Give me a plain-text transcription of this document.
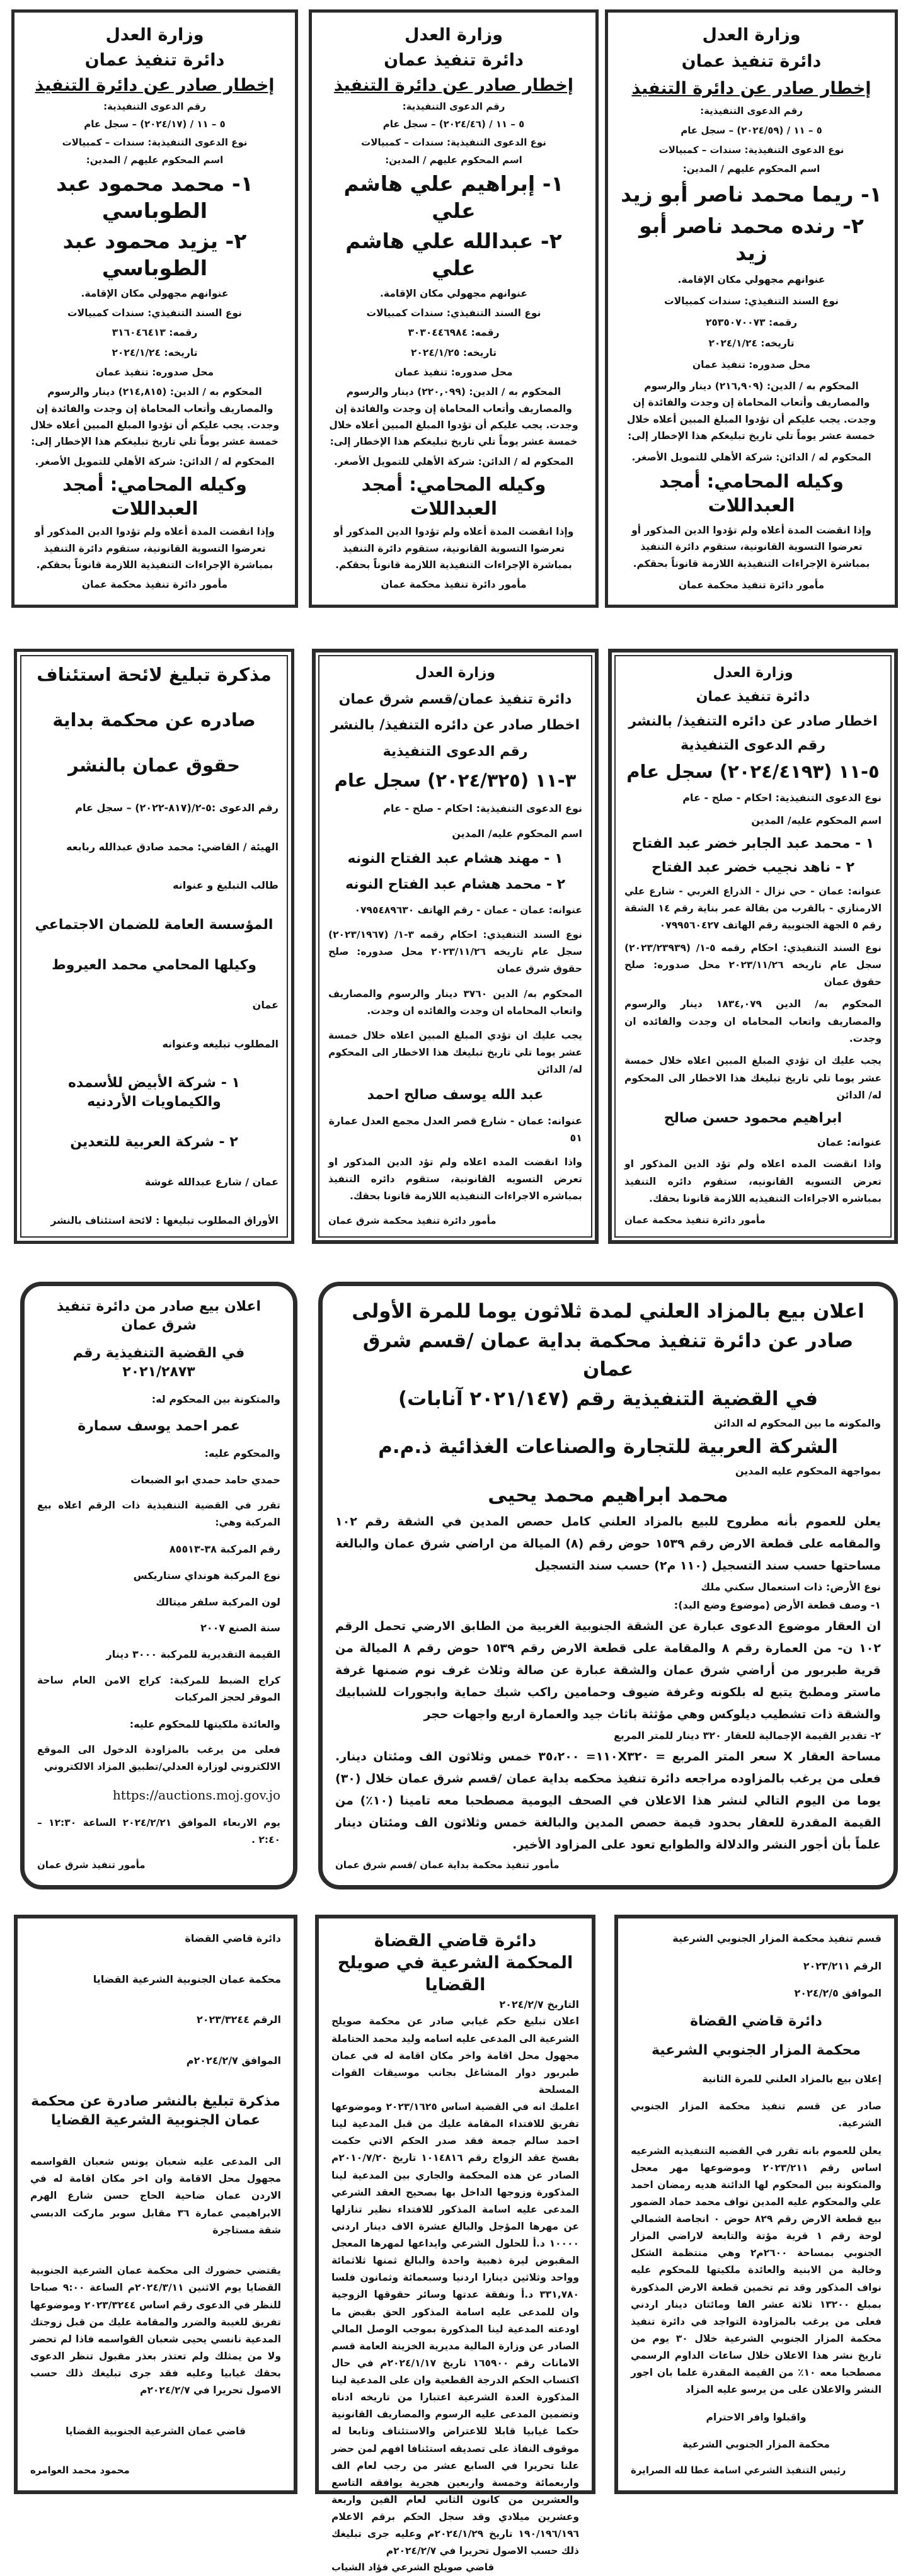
وزارة العدل
دائرة تنفيذ عمان
إخطار صادر عن دائرة التنفيذ
رقم الدعوى التنفيذية:
٥ – ١١ / (٢٠٢٤/٥٩) – سجل عام
نوع الدعوى التنفيذية: سندات – كمبيالات
اسم المحكوم عليهم / المدين:
١- ريما محمد ناصر أبو زيد
٢- رنده محمد ناصر أبو زيد
عنوانهم مجهولي مكان الإقامة.
نوع السند التنفيذي: سندات كمبيالات
رقمه: ٢٥٣٥٠٧٠٠٧٣
تاريخه: ٢٠٢٤/١/٢٤
محل صدوره: تنفيذ عمان
المحكوم به / الدين: (٢١٦,٩٠٩) دينار والرسوم والمصاريف وأتعاب المحاماة إن وجدت والفائدة إن وجدت. يجب عليكم أن تؤدوا المبلغ المبين أعلاه خلال خمسة عشر يوماً تلي تاريخ تبليغكم هذا الإخطار إلى:
المحكوم له / الدائن: شركة الأهلي للتمويل الأصغر.
وكيله المحامي: أمجد العبداللات
وإذا انقضت المدة أعلاه ولم تؤدوا الدين المذكور أو تعرضوا التسوية القانونية، ستقوم دائرة التنفيذ بمباشرة الإجراءات التنفيذية اللازمة قانوناً بحقكم.
مأمور دائرة تنفيذ محكمة عمان
وزارة العدل
دائرة تنفيذ عمان
إخطار صادر عن دائرة التنفيذ
رقم الدعوى التنفيذية:
٥ – ١١ / (٢٠٢٤/٤٦) – سجل عام
نوع الدعوى التنفيذية: سندات – كمبيالات
اسم المحكوم عليهم / المدين:
١- إبراهيم علي هاشم علي
٢- عبدالله علي هاشم علي
عنوانهم مجهولي مكان الإقامة.
نوع السند التنفيذي: سندات كمبيالات
رقمه: ٣٠٣٠٤٤٦٩٨٤
تاريخه: ٢٠٢٤/١/٢٥
محل صدوره: تنفيذ عمان
المحكوم به / الدين: (٢٢٠,٠٩٩) دينار والرسوم والمصاريف وأتعاب المحاماة إن وجدت والفائدة إن وجدت. يجب عليكم أن تؤدوا المبلغ المبين أعلاه خلال خمسة عشر يوماً تلي تاريخ تبليغكم هذا الإخطار إلى:
المحكوم له / الدائن: شركة الأهلي للتمويل الأصغر.
وكيله المحامي: أمجد العبداللات
وإذا انقضت المدة أعلاه ولم تؤدوا الدين المذكور أو تعرضوا التسوية القانونية، ستقوم دائرة التنفيذ بمباشرة الإجراءات التنفيذية اللازمة قانوناً بحقكم.
مأمور دائرة تنفيذ محكمة عمان
وزارة العدل
دائرة تنفيذ عمان
إخطار صادر عن دائرة التنفيذ
رقم الدعوى التنفيذية:
٥ – ١١ / (٢٠٢٤/١٧) – سجل عام
نوع الدعوى التنفيذية: سندات – كمبيالات
اسم المحكوم عليهم / المدين:
١- محمد محمود عبد الطوباسي
٢- يزيد محمود عبد الطوباسي
عنوانهم مجهولي مكان الإقامة.
نوع السند التنفيذي: سندات كمبيالات
رقمه: ٣١٦٠٤٦٤١٣
تاريخه: ٢٠٢٤/١/٢٤
محل صدوره: تنفيذ عمان
المحكوم به / الدين: (٢١٤,٨١٥) دينار والرسوم والمصاريف وأتعاب المحاماة إن وجدت والفائدة إن وجدت. يجب عليكم أن تؤدوا المبلغ المبين أعلاه خلال خمسة عشر يوماً تلي تاريخ تبليغكم هذا الإخطار إلى:
المحكوم له / الدائن: شركة الأهلي للتمويل الأصغر.
وكيله المحامي: أمجد العبداللات
وإذا انقضت المدة أعلاه ولم تؤدوا الدين المذكور أو تعرضوا التسوية القانونية، ستقوم دائرة التنفيذ بمباشرة الإجراءات التنفيذية اللازمة قانوناً بحقكم.
مأمور دائرة تنفيذ محكمة عمان
وزارة العدل
دائرة تنفيذ عمان
اخطار صادر عن دائره التنفيذ/ بالنشر
رقم الدعوى التنفيذية
٥-١١ (٢٠٢٤/٤١٩٣) سجل عام
نوع الدعوى التنفيذية: احكام - صلح - عام
اسم المحكوم عليه/ المدين
١ - محمد عبد الجابر خضر عبد الفتاح
٢ - ناهد نجيب خضر عبد الفتاح
عنوانه: عمان - حي نزال - الذراع الغربي - شارع علي الارمنازي - بالقرب من بقالة عمر بناية رقم ١٤ الشقة رقم ٥ الجهة الجنوبية رقم الهاتف ٠٧٩٩٥٦٠٤٢٧
نوع السند التنفيذي: احكام رقمه ٥-١/ (٢٠٢٣/٢٣٩٣٩) سجل عام تاريخه ٢٠٢٣/١١/٢٦ محل صدوره: صلح حقوق عمان
المحكوم به/ الدين ١٨٣٤,٠٧٩ دينار والرسوم والمصاريف واتعاب المحاماه ان وجدت والفائده ان وجدت.
يجب عليك ان تؤدي المبلغ المبين اعلاه خلال خمسة عشر يوما تلي تاريخ تبليغك هذا الاخطار الى المحكوم له/ الدائن
ابراهيم محمود حسن صالح
عنوانه: عمان
واذا انقضت المده اعلاه ولم تؤد الدين المذكور او تعرض التسويه القانونيه، ستقوم دائره التنفيذ بمباشره الاجراءات التنفيذيه اللازمة قانونا بحقك.
مأمور دائرة تنفيذ محكمة عمان
وزارة العدل
دائرة تنفيذ عمان/قسم شرق عمان
اخطار صادر عن دائره التنفيذ/ بالنشر
رقم الدعوى التنفيذية
٣-١١ (٢٠٢٤/٣٢٥) سجل عام
نوع الدعوى التنفيذية: احكام - صلح - عام
اسم المحكوم عليه/ المدين
١ - مهند هشام عبد الفتاح النونه
٢ - محمد هشام عبد الفتاح النونه
عنوانه: عمان - عمان - رقم الهاتف ٠٧٩٥٤٨٩٦٣٠
نوع السند التنفيذي: احكام رقمه ٣-١/ (٢٠٢٣/١٩٦٧) سجل عام تاريخه ٢٠٢٣/١١/٢٦ محل صدوره: صلح حقوق شرق عمان
المحكوم به/ الدين ٣٧٦٠ دينار والرسوم والمصاريف واتعاب المحاماه ان وجدت والفائده ان وجدت.
يجب عليك ان تؤدي المبلغ المبين اعلاه خلال خمسة عشر يوما تلي تاريخ تبليغك هذا الاخطار الى المحكوم له/ الدائن
عبد الله يوسف صالح احمد
عنوانه: عمان - شارع قصر العدل مجمع العدل عمارة ٥١
واذا انقضت المده اعلاه ولم تؤد الدين المذكور او تعرض التسويه القانونية، ستقوم دائره التنفيذ بمباشره الاجراءات التنفيذيه اللازمة قانونا بحقك.
مأمور دائرة تنفيذ محكمة شرق عمان
مذكرة تبليغ لائحة استئناف
صادره عن محكمة بداية
حقوق عمان بالنشر
رقم الدعوى :٥-٢/(٨١٧-٢٠٢٢) – سجل عام
الهيئة / القاضي: محمد صادق عبدالله ربابعه
طالب التبليغ و عنوانه
المؤسسة العامة للضمان الاجتماعي
وكيلها المحامي محمد العيروط
عمان
المطلوب تبليغه وعنوانه
١ - شركة الأبيض للأسمده والكيماويات الأردنيه
٢ - شركة العربية للتعدين
عمان / شارع عبدالله غوشة
الأوراق المطلوب تبليغها : لائحة استئناف بالنشر
اعلان بيع بالمزاد العلني لمدة ثلاثون يوما للمرة الأولى
صادر عن دائرة تنفيذ محكمة بداية عمان /قسم شرق عمان
في القضية التنفيذية رقم (٢٠٢١/١٤٧ آنابات)
والمكونه ما بين المحكوم له الدائن
الشركة العربية للتجارة والصناعات الغذائية ذ.م.م
بمواجهة المحكوم عليه المدين
محمد ابراهيم محمد يحيى
يعلن للعموم بأنه مطروح للبيع بالمزاد العلني كامل حصص المدين في الشقة رقم ١٠٢ والمقامه على قطعة الارض رقم ١٥٣٩ حوض رقم (٨) الميالة من اراضي شرق عمان والبالغة مساحتها حسب سند التسجيل (١١٠ م٢) حسب سند التسجيل
نوع الأرض: ذات استعمال سكني ملك
١- وصف قطعة الأرض (موضوع وضع اليد):
ان العقار موضوع الدعوى عبارة عن الشقة الجنوبية الغربية من الطابق الارضي تحمل الرقم ١٠٢ ن- من العمارة رقم ٨ والمقامة على قطعة الارض رقم ١٥٣٩ حوض رقم ٨ الميالة من قرية طبربور من أراضي شرق عمان والشقة عبارة عن صالة وثلاث غرف نوم ضمنها غرفة ماستر ومطبخ يتبع له بلكونه وغرفة ضيوف وحمامين راكب شبك حماية وابجورات للشبابيك والشقة ذات تشطيب ديلوكس وهي مؤثثة باثاث جيد والعمارة اربع واجهات حجر
٢- تقدير القيمة الإجمالية للعقار ٣٢٠ دينار للمتر المربع
مساحة العقار X سعر المتر المربع = ١١٠X٣٢٠= ٣٥،٢٠٠ خمس وثلاثون الف ومئتان دينار. فعلى من يرغب بالمزاوده مراجعه دائرة تنفيذ محكمه بداية عمان /قسم شرق عمان خلال (٣٠) يوما من اليوم التالي لنشر هذا الاعلان في الصحف اليومية مصطحبا معه تامينا (١٠٪) من القيمة المقدرة للعقار بحدود قيمة حصص المدين والبالغة خمس وثلاثون الف ومئتان دينار علماً بأن أجور النشر والدلالة والطوابع تعود على المزاود الأخير.
مأمور تنفيذ محكمة بداية عمان /قسم شرق عمان
اعلان بيع صادر من دائرة تنفيذ شرق عمان
في القضية التنفيذية رقم ٢٠٢١/٢٨٧٣
والمتكونة بين المحكوم له:
عمر احمد يوسف سمارة
والمحكوم عليه:
حمدي حامد حمدي ابو الضبعات
تقرر في القضية التنفيذية ذات الرقم اعلاه بيع المركبة وهي:
رقم المركبة ٣٨-٨٥٥١٣
نوع المركبة هونداي ستاريكس
لون المركبة سلفر ميتالك
سنة الصنع ٢٠٠٧
القيمة التقديرية للمركبة ٣٠٠٠ دينار
كراج الضبط للمركبة: كراج الامن العام ساحة الموقر لحجز المركبات
والعائدة ملكيتها للمحكوم عليه:
فعلى من يرغب بالمزاودة الدخول الى الموقع الالكتروني لوزارة العدلي/تطبيق المزاد الالكتروني
https://auctions.moj.gov.jo
يوم الاربعاء الموافق ٢٠٢٤/٢/٢١ الساعة ١٢:٣٠ – ٢:٤٠ .
مأمور تنفيذ شرق عمان
قسم تنفيذ محكمة المزار الجنوبي الشرعية
الرقم ٢٠٢٣/٢١١
الموافق ٢٠٢٤/٢/٥
دائرة قاضي القضاة
محكمة المزار الجنوبي الشرعية
إعلان بيع بالمزاد العلني للمرة الثانية
صادر عن قسم تنفيذ محكمة المزار الجنوبي الشرعية.
يعلن للعموم بانه تقرر في القضيه التنفيذيه الشرعيه اساس رقم ٢٠٢٣/٢١١ وموضوعها مهر معجل والمتكونة بين المحكوم لها الدائنة هديه رمضان احمد علي والمحكوم عليه المدين نواف محمد حماد الضمور بيع قطعة الارض رقم ٨٢٩ حوض ٠ انجاصة الشمالي لوحة رقم ١ قرية مؤتة والتابعة لاراضي المزار الجنوبي بمساحة ٢٦٠٠م٢ وهي منتظمة الشكل وخالية من الابنية والعائدة ملكيتها للمحكوم عليه نواف المذكور وقد تم تخمين قطعة الارض المذكورة بمبلغ ١٣٢٠٠ ثلاثة عشر الفا ومائتان دينار اردني فعلى من يرغب بالمزاودة التواجد في دائرة تنفيذ محكمة المزار الجنوبي الشرعية خلال ٣٠ يوم من تاريخ نشر هذا الاعلان خلال ساعات الداوم الرسمي مصطحبا معه ١٠٪ من القيمة المقدرة علما بان اجور النشر والاعلان على من يرسو عليه المزاد
واقبلوا وافر الاحترام
محكمة المزار الجنوبي الشرعية
رئيس التنفيذ الشرعي اسامة عطا لله الصرايرة
دائرة قاضي القضاة
المحكمة الشرعية في صويلح القضايا
التاريخ ٢٠٢٤/٢/٧
اعلان تبليغ حكم غيابي صادر عن محكمة صويلح الشرعية الى المدعى عليه اسامه وليد محمد الحتاملة مجهول محل اقامة واخر مكان اقامة له في عمان طبربور دوار المشاغل بجانب موسيقات القوات المسلحة
اعلمك انه في القضية اساس ٢٠٢٣/١٦٢٥ وموضوعها تفريق للافتداء المقامة عليك من قبل المدعية لينا احمد سالم جمعة فقد صدر الحكم الاتي حكمت بفسخ عقد الزواج رقم ١٠١٤٨١٦ تاريخ ٢٠١٠/٧/٢٠م الصادر عن هذه المحكمة والجاري بين المدعية لينا المذكورة وزوجها الداخل بها بصحيح العقد الشرعي المدعى عليه اسامة المذكور للافتداء نظير تنازلها عن مهرها المؤجل والبالغ عشرة الاف دينار اردني ١٠٠٠٠ د.أ للحلول الشرعي وايداعها لمهرها المعجل المقبوض ليرة ذهبية واحدة والبالغ ثمنها ثلاثمائة وواحد وثلاثين دينارا اردنيا وسبعمائة وثمانون فلسا ٣٣١,٧٨٠ د.أ ونفقة عدتها وسائر حقوقها الزوجية وان للمدعى عليه اسامة المذكور الحق بقبض ما اودعته المدعية لينا المذكورة بموجب الوصل المالي الصادر عن وزارة المالية مديرية الخزينة العامة قسم الامانات رقم ١٦٥٩٠٠ تاريخ ٢٠٢٤/١/١٧م في حال اكتساب الحكم الدرجة القطعية وان على المدعية لينا المذكورة العدة الشرعية اعتبارا من تاريخه ادناه وتضمين المدعى عليه الرسوم والمصاريف القانونية حكما غيابيا قابلا للاعتراض والاستئناف وتابعا له موقوف النفاذ على تصديقه استئنافا افهم لمن حضر علنا تحريرا في السابع عشر من رجب لعام الف واربعمائة وخمسة واربعين هجرية يوافقه التاسع والعشرين من كانون الثاني لعام الفين واربعة وعشرين ميلادي وقد سجل الحكم برقم الاعلام ١٩٠/١٩٦/١٩٦ تاريخ ٢٠٢٤/١/٢٩م وعليه جرى تبليغك ذلك حسب الاصول تحريرا في ٢٠٢٤/٢/٧م
قاضي صويلح الشرعي فؤاد الشياب
دائرة قاضي القضاة
محكمة عمان الجنوبية الشرعية القضايا
الرقم ٢٠٢٣/٣٢٤٤
الموافق ٢٠٢٤/٢/٧م
مذكرة تبليغ بالنشر صادرة عن محكمة عمان الجنوبية الشرعية القضايا
الى المدعى عليه شعبان يونس شعبان القواسمه مجهول محل الاقامة وان اخر مكان اقامة له في الاردن عمان ضاحية الحاج حسن شارع الهرم الابراهيمي عمارة ٣٦ مقابل سوبر ماركت الدبسي شقة مستاجرة
يقتضي حضورك الى محكمة عمان الشرعية الجنوبية القضايا يوم الاثنين ٢٠٢٤/٣/١١م الساعة ٩:٠٠ صباحا للنظر في الدعوى رقم اساس ٢٠٢٣/٣٢٤٤ وموضوعها تفريق للغيبة والضرر والمقامة عليك من قبل زوجتك المدعية نانسي يحيى شعبان القواسمه فاذا لم تحضر ولا من يمثلك ولم تعتذر بعذر مقبول تنظر الدعوى بحقك غيابيا وعليه فقد جرى تبليغك ذلك حسب الاصول تحريرا في ٢٠٢٤/٢/٧م
قاضي عمان الشرعية الجنوبية القضايا
محمود محمد العوامره
